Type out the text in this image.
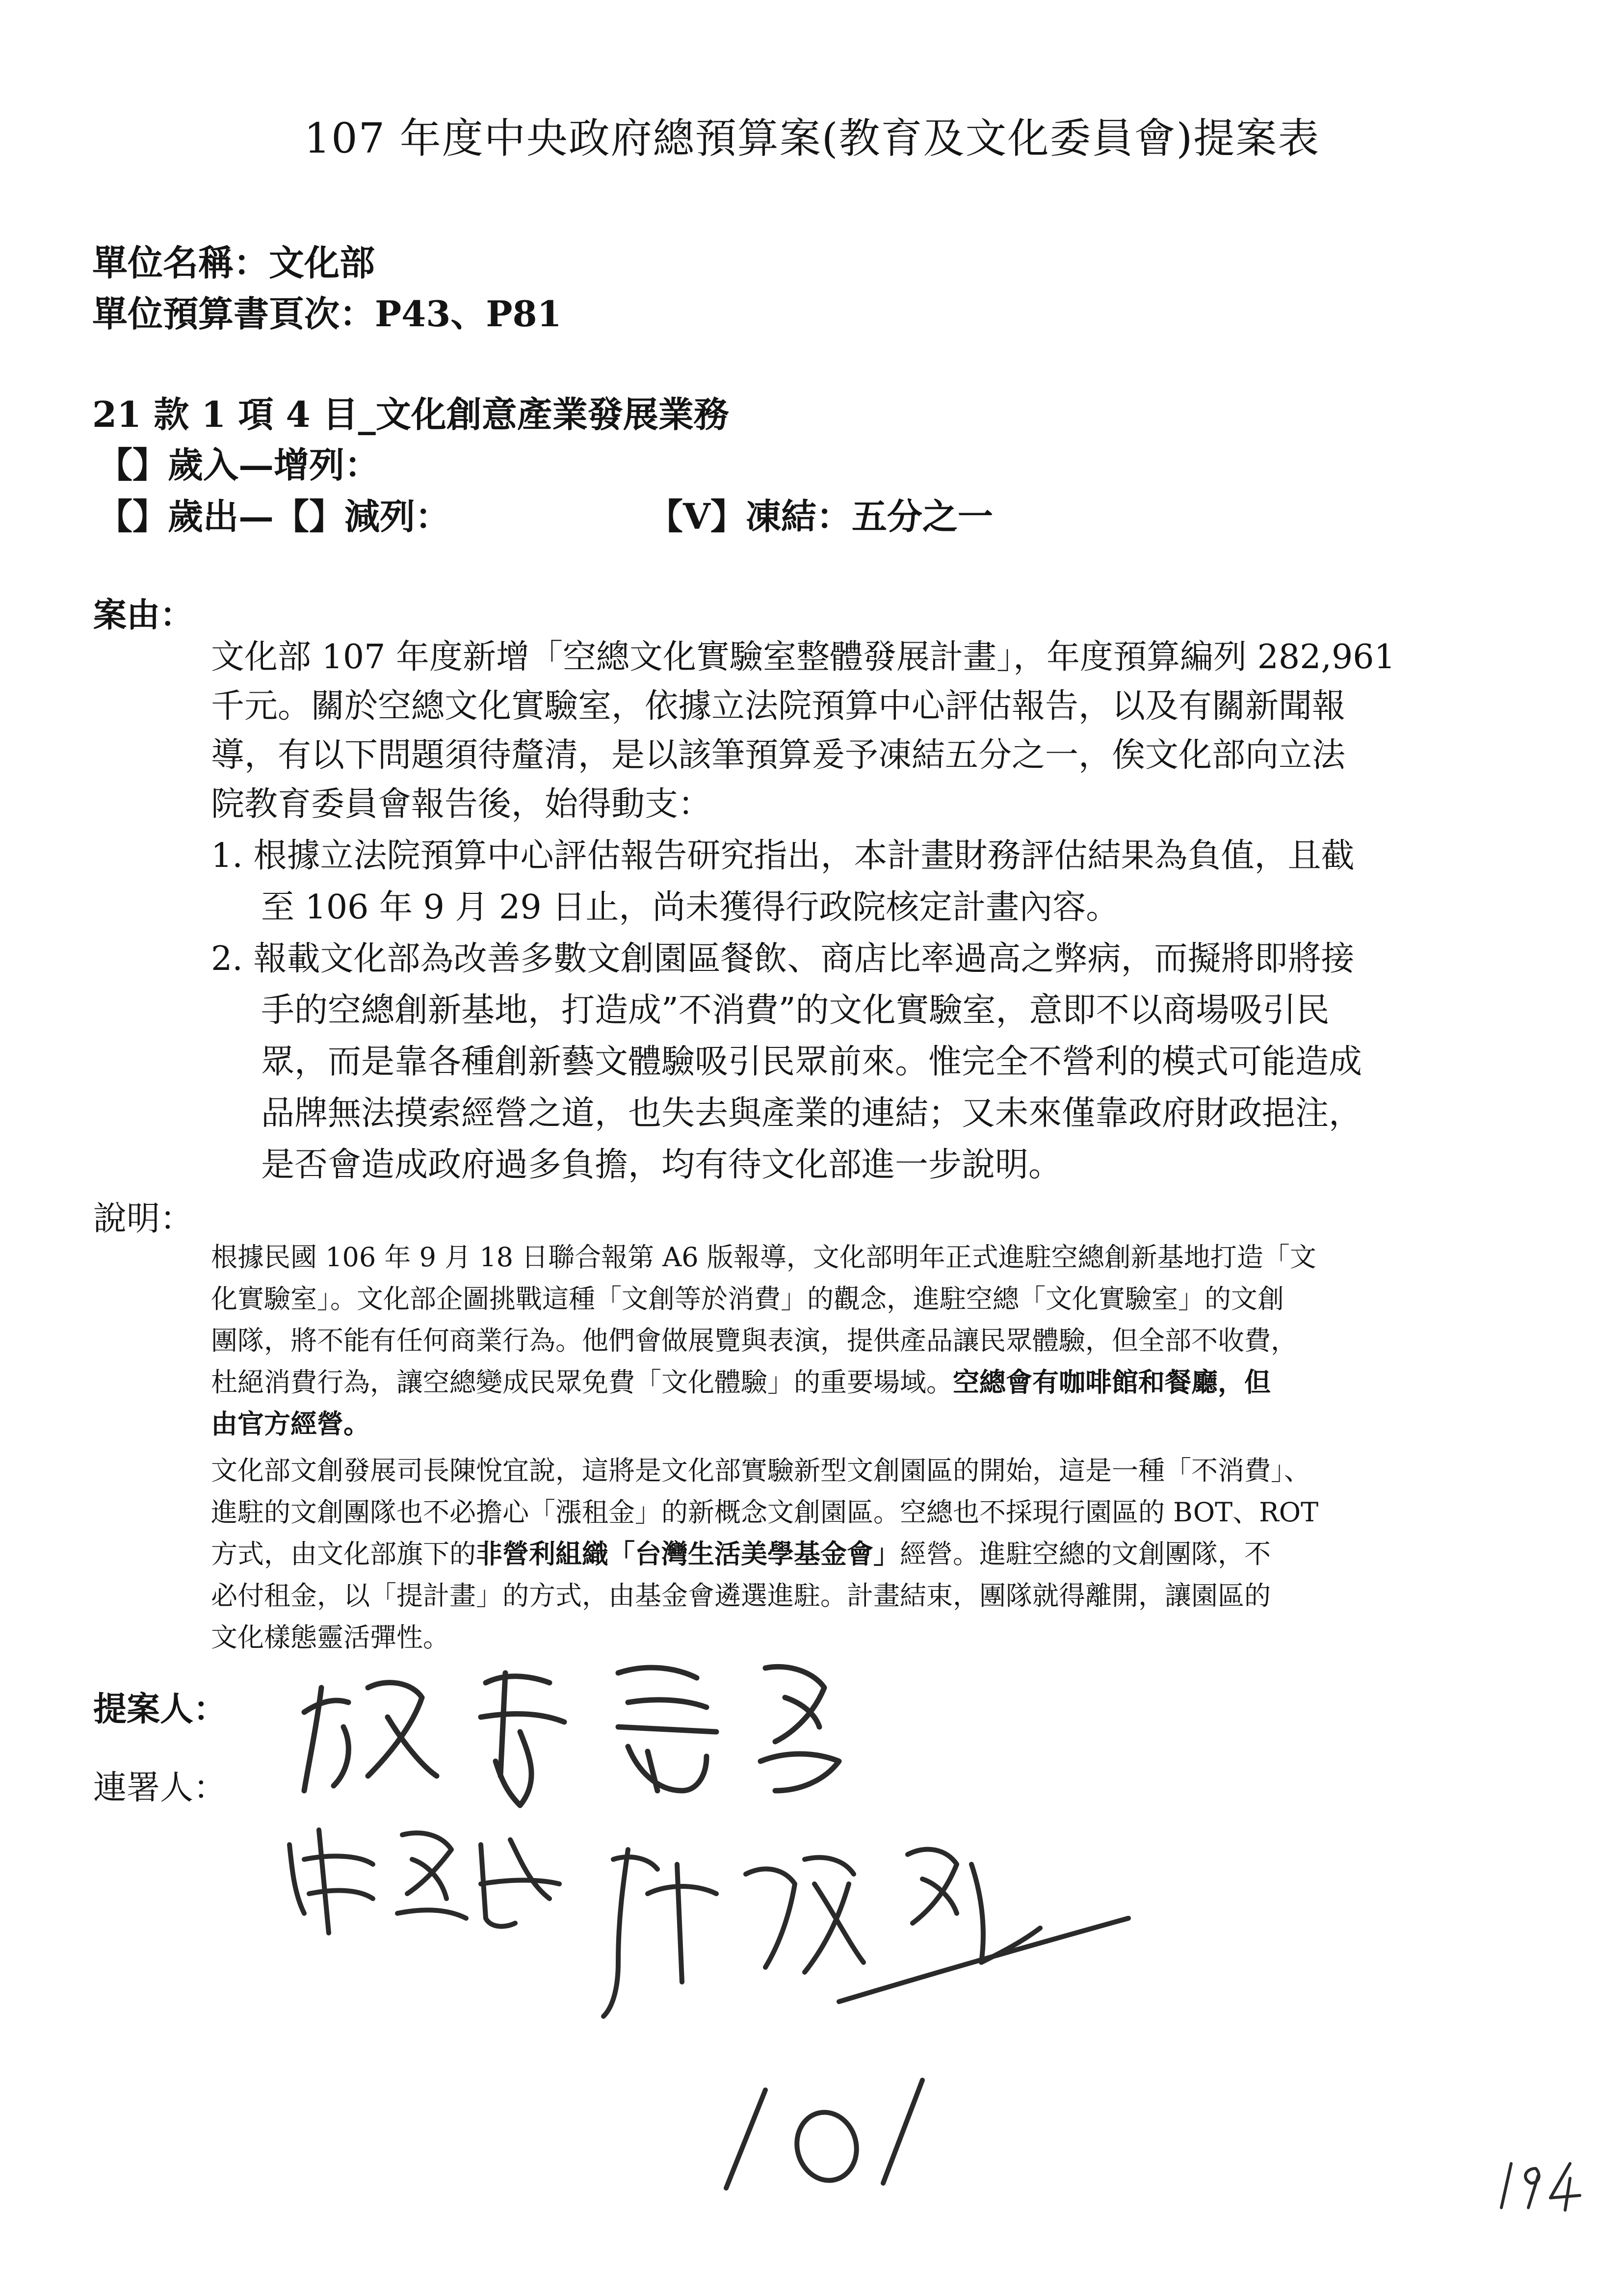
107 年度中央政府總預算案(教育及文化委員會)提案表
單位名稱：文化部
單位預算書頁次：P43、P81
21 款 1 項 4 目_文化創意產業發展業務
【】歲入—增列：
【】歲出—【】減列：	【V】凍結：五分之一
案由：
文化部 107 年度新增「空總文化實驗室整體發展計畫」，年度預算編列 282,961
千元。關於空總文化實驗室，依據立法院預算中心評估報告，以及有關新聞報
導，有以下問題須待釐清，是以該筆預算爰予凍結五分之一，俟文化部向立法
院教育委員會報告後，始得動支：
1. 根據立法院預算中心評估報告研究指出，本計畫財務評估結果為負值，且截
至 106 年 9 月 29 日止，尚未獲得行政院核定計畫內容。
2. 報載文化部為改善多數文創園區餐飲、商店比率過高之弊病，而擬將即將接
手的空總創新基地，打造成”不消費”的文化實驗室，意即不以商場吸引民
眾，而是靠各種創新藝文體驗吸引民眾前來。惟完全不營利的模式可能造成
品牌無法摸索經營之道，也失去與產業的連結；又未來僅靠政府財政挹注，
是否會造成政府過多負擔，均有待文化部進一步說明。
說明：
根據民國 106 年 9 月 18 日聯合報第 A6 版報導，文化部明年正式進駐空總創新基地打造「文
化實驗室」。文化部企圖挑戰這種「文創等於消費」的觀念，進駐空總「文化實驗室」的文創
團隊，將不能有任何商業行為。他們會做展覽與表演，提供產品讓民眾體驗，但全部不收費，
杜絕消費行為，讓空總變成民眾免費「文化體驗」的重要場域。空總會有咖啡館和餐廳，但
由官方經營。
文化部文創發展司長陳悅宜說，這將是文化部實驗新型文創園區的開始，這是一種「不消費」、
進駐的文創團隊也不必擔心「漲租金」的新概念文創園區。空總也不採現行園區的 BOT、ROT
方式，由文化部旗下的非營利組織「台灣生活美學基金會」經營。進駐空總的文創團隊，不
必付租金，以「提計畫」的方式，由基金會遴選進駐。計畫結束，團隊就得離開，讓園區的
文化樣態靈活彈性。
提案人：
連署人：
